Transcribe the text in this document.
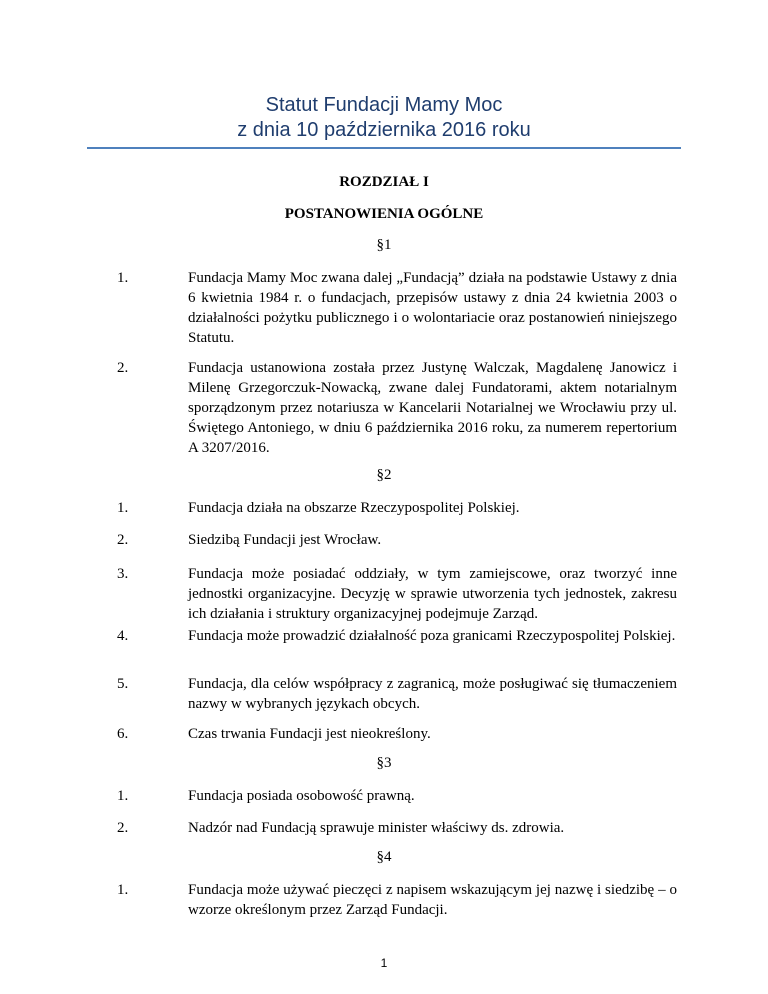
Statut Fundacji Mamy Moc
z dnia 10 października 2016 roku
ROZDZIAŁ I
POSTANOWIENIA OGÓLNE
§1
1.	Fundacja Mamy Moc zwana dalej „Fundacją” działa na podstawie Ustawy z dnia 6 kwietnia 1984 r. o fundacjach, przepisów ustawy z dnia 24 kwietnia 2003 o działalności pożytku publicznego i o wolontariacie oraz postanowień niniejszego Statutu.
2.	Fundacja ustanowiona została przez Justynę Walczak, Magdalenę Janowicz i Milenę Grzegorczuk-Nowacką, zwane dalej Fundatorami, aktem notarialnym sporządzonym przez notariusza w Kancelarii Notarialnej we Wrocławiu przy ul. Świętego Antoniego, w dniu 6 października 2016 roku, za numerem repertorium A 3207/2016.
§2
1.	Fundacja działa na obszarze Rzeczypospolitej Polskiej.
2.	Siedzibą Fundacji jest Wrocław.
3.	Fundacja może posiadać oddziały, w tym zamiejscowe, oraz tworzyć inne jednostki organizacyjne. Decyzję w sprawie utworzenia tych jednostek, zakresu ich działania i struktury organizacyjnej podejmuje Zarząd.
4.	Fundacja może prowadzić działalność poza granicami Rzeczypospolitej Polskiej.
5.	Fundacja, dla celów współpracy z zagranicą, może posługiwać się tłumaczeniem nazwy w wybranych językach obcych.
6.	Czas trwania Fundacji jest nieokreślony.
§3
1.	Fundacja posiada osobowość prawną.
2.	Nadzór nad Fundacją sprawuje minister właściwy ds. zdrowia.
§4
1.	Fundacja może używać pieczęci z napisem wskazującym jej nazwę i siedzibę – o wzorze określonym przez Zarząd Fundacji.
1
